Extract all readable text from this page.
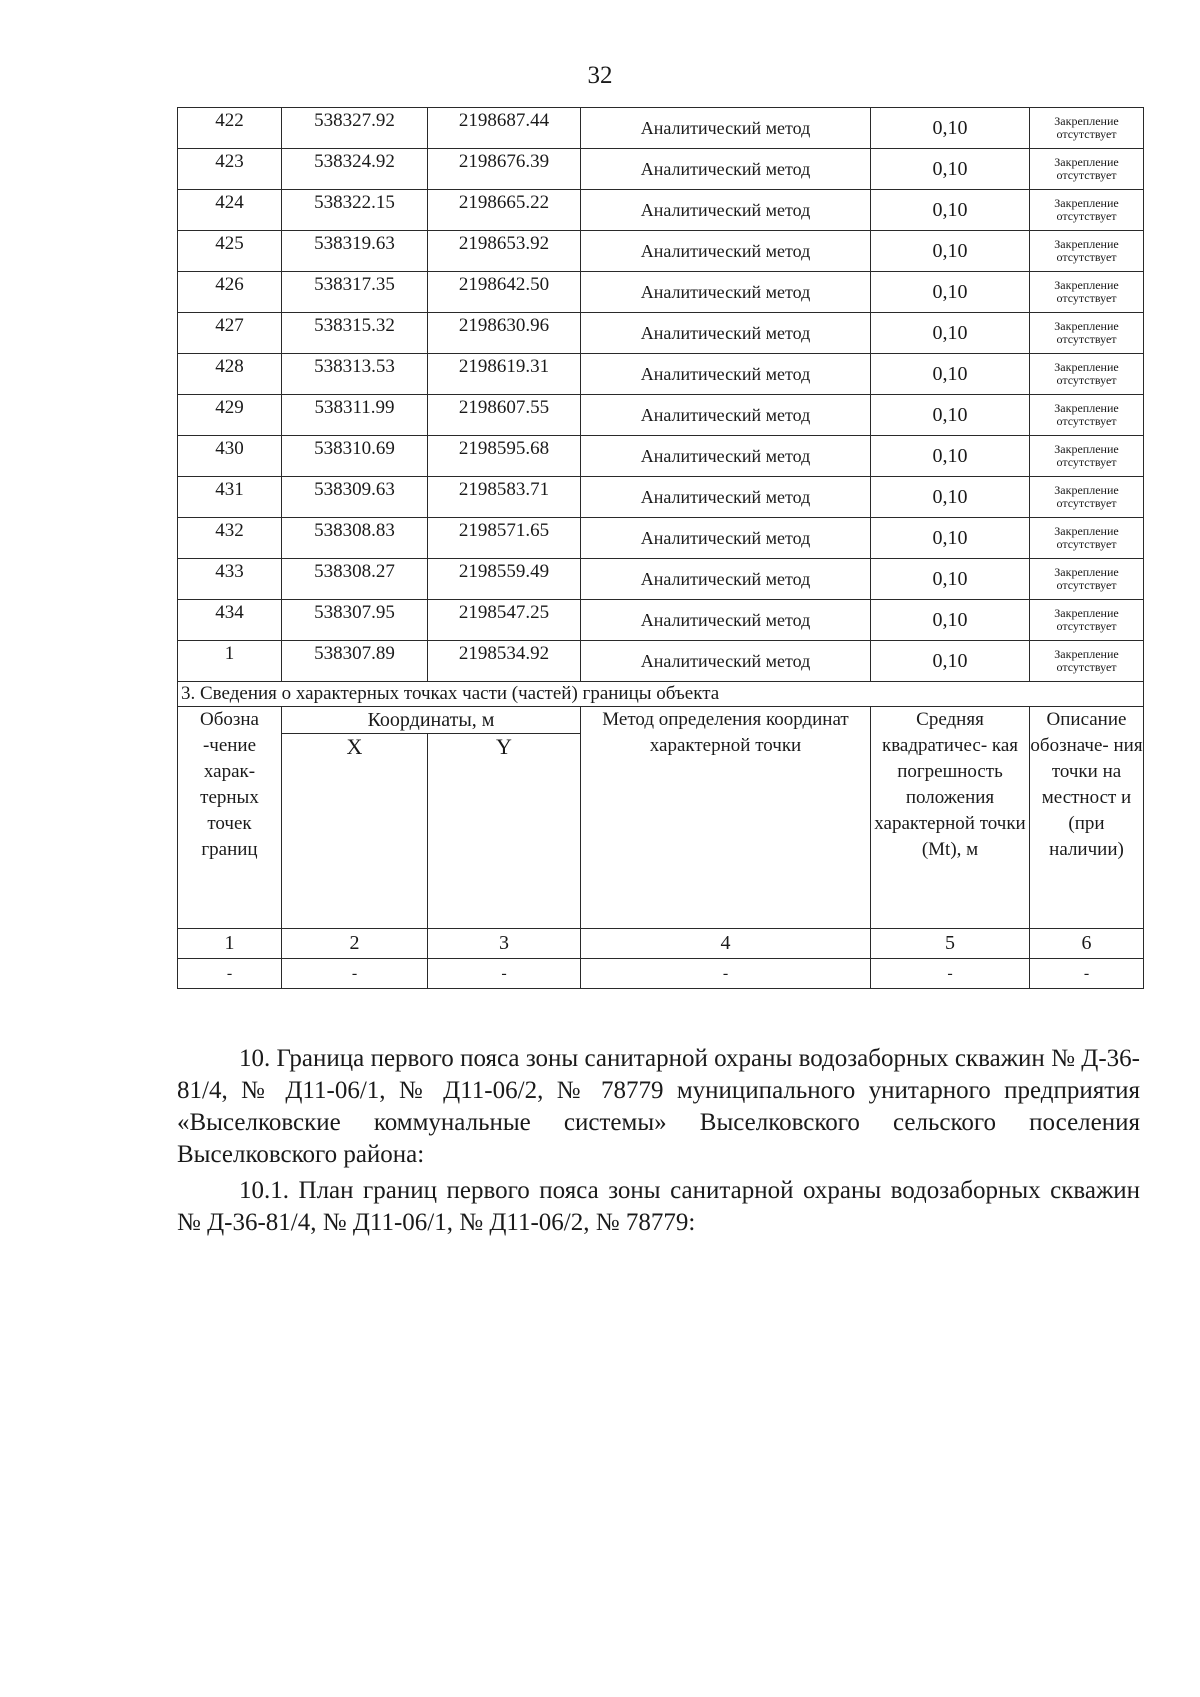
32
422	538327.92	2198687.44	Аналитический метод	0,10	Закрепление отсутствует
423	538324.92	2198676.39	Аналитический метод	0,10	Закрепление отсутствует
424	538322.15	2198665.22	Аналитический метод	0,10	Закрепление отсутствует
425	538319.63	2198653.92	Аналитический метод	0,10	Закрепление отсутствует
426	538317.35	2198642.50	Аналитический метод	0,10	Закрепление отсутствует
427	538315.32	2198630.96	Аналитический метод	0,10	Закрепление отсутствует
428	538313.53	2198619.31	Аналитический метод	0,10	Закрепление отсутствует
429	538311.99	2198607.55	Аналитический метод	0,10	Закрепление отсутствует
430	538310.69	2198595.68	Аналитический метод	0,10	Закрепление отсутствует
431	538309.63	2198583.71	Аналитический метод	0,10	Закрепление отсутствует
432	538308.83	2198571.65	Аналитический метод	0,10	Закрепление отсутствует
433	538308.27	2198559.49	Аналитический метод	0,10	Закрепление отсутствует
434	538307.95	2198547.25	Аналитический метод	0,10	Закрепление отсутствует
1	538307.89	2198534.92	Аналитический метод	0,10	Закрепление отсутствует
3. Сведения о характерных точках части (частей) границы объекта					
Обозна -чение харак- терных точек границ	Координаты, м		Метод определения координат характерной точки	Средняя квадратичес- кая погрешность положения характерной точки (Mt), м	Описание обозначе- ния точки на местност и (при наличии)
	X	Y			
1	2	3	4	5	6
-	-	-	-	-	-

10. Граница первого пояса зоны санитарной охраны водозаборных скважин № Д-36-81/4, № Д11-06/1, № Д11-06/2, № 78779 муниципального унитарного предприятия «Выселковские коммунальные системы» Выселковского сельского поселения Выселковского района:

10.1. План границ первого пояса зоны санитарной охраны водозаборных скважин № Д-36-81/4, № Д11-06/1, № Д11-06/2, № 78779:
